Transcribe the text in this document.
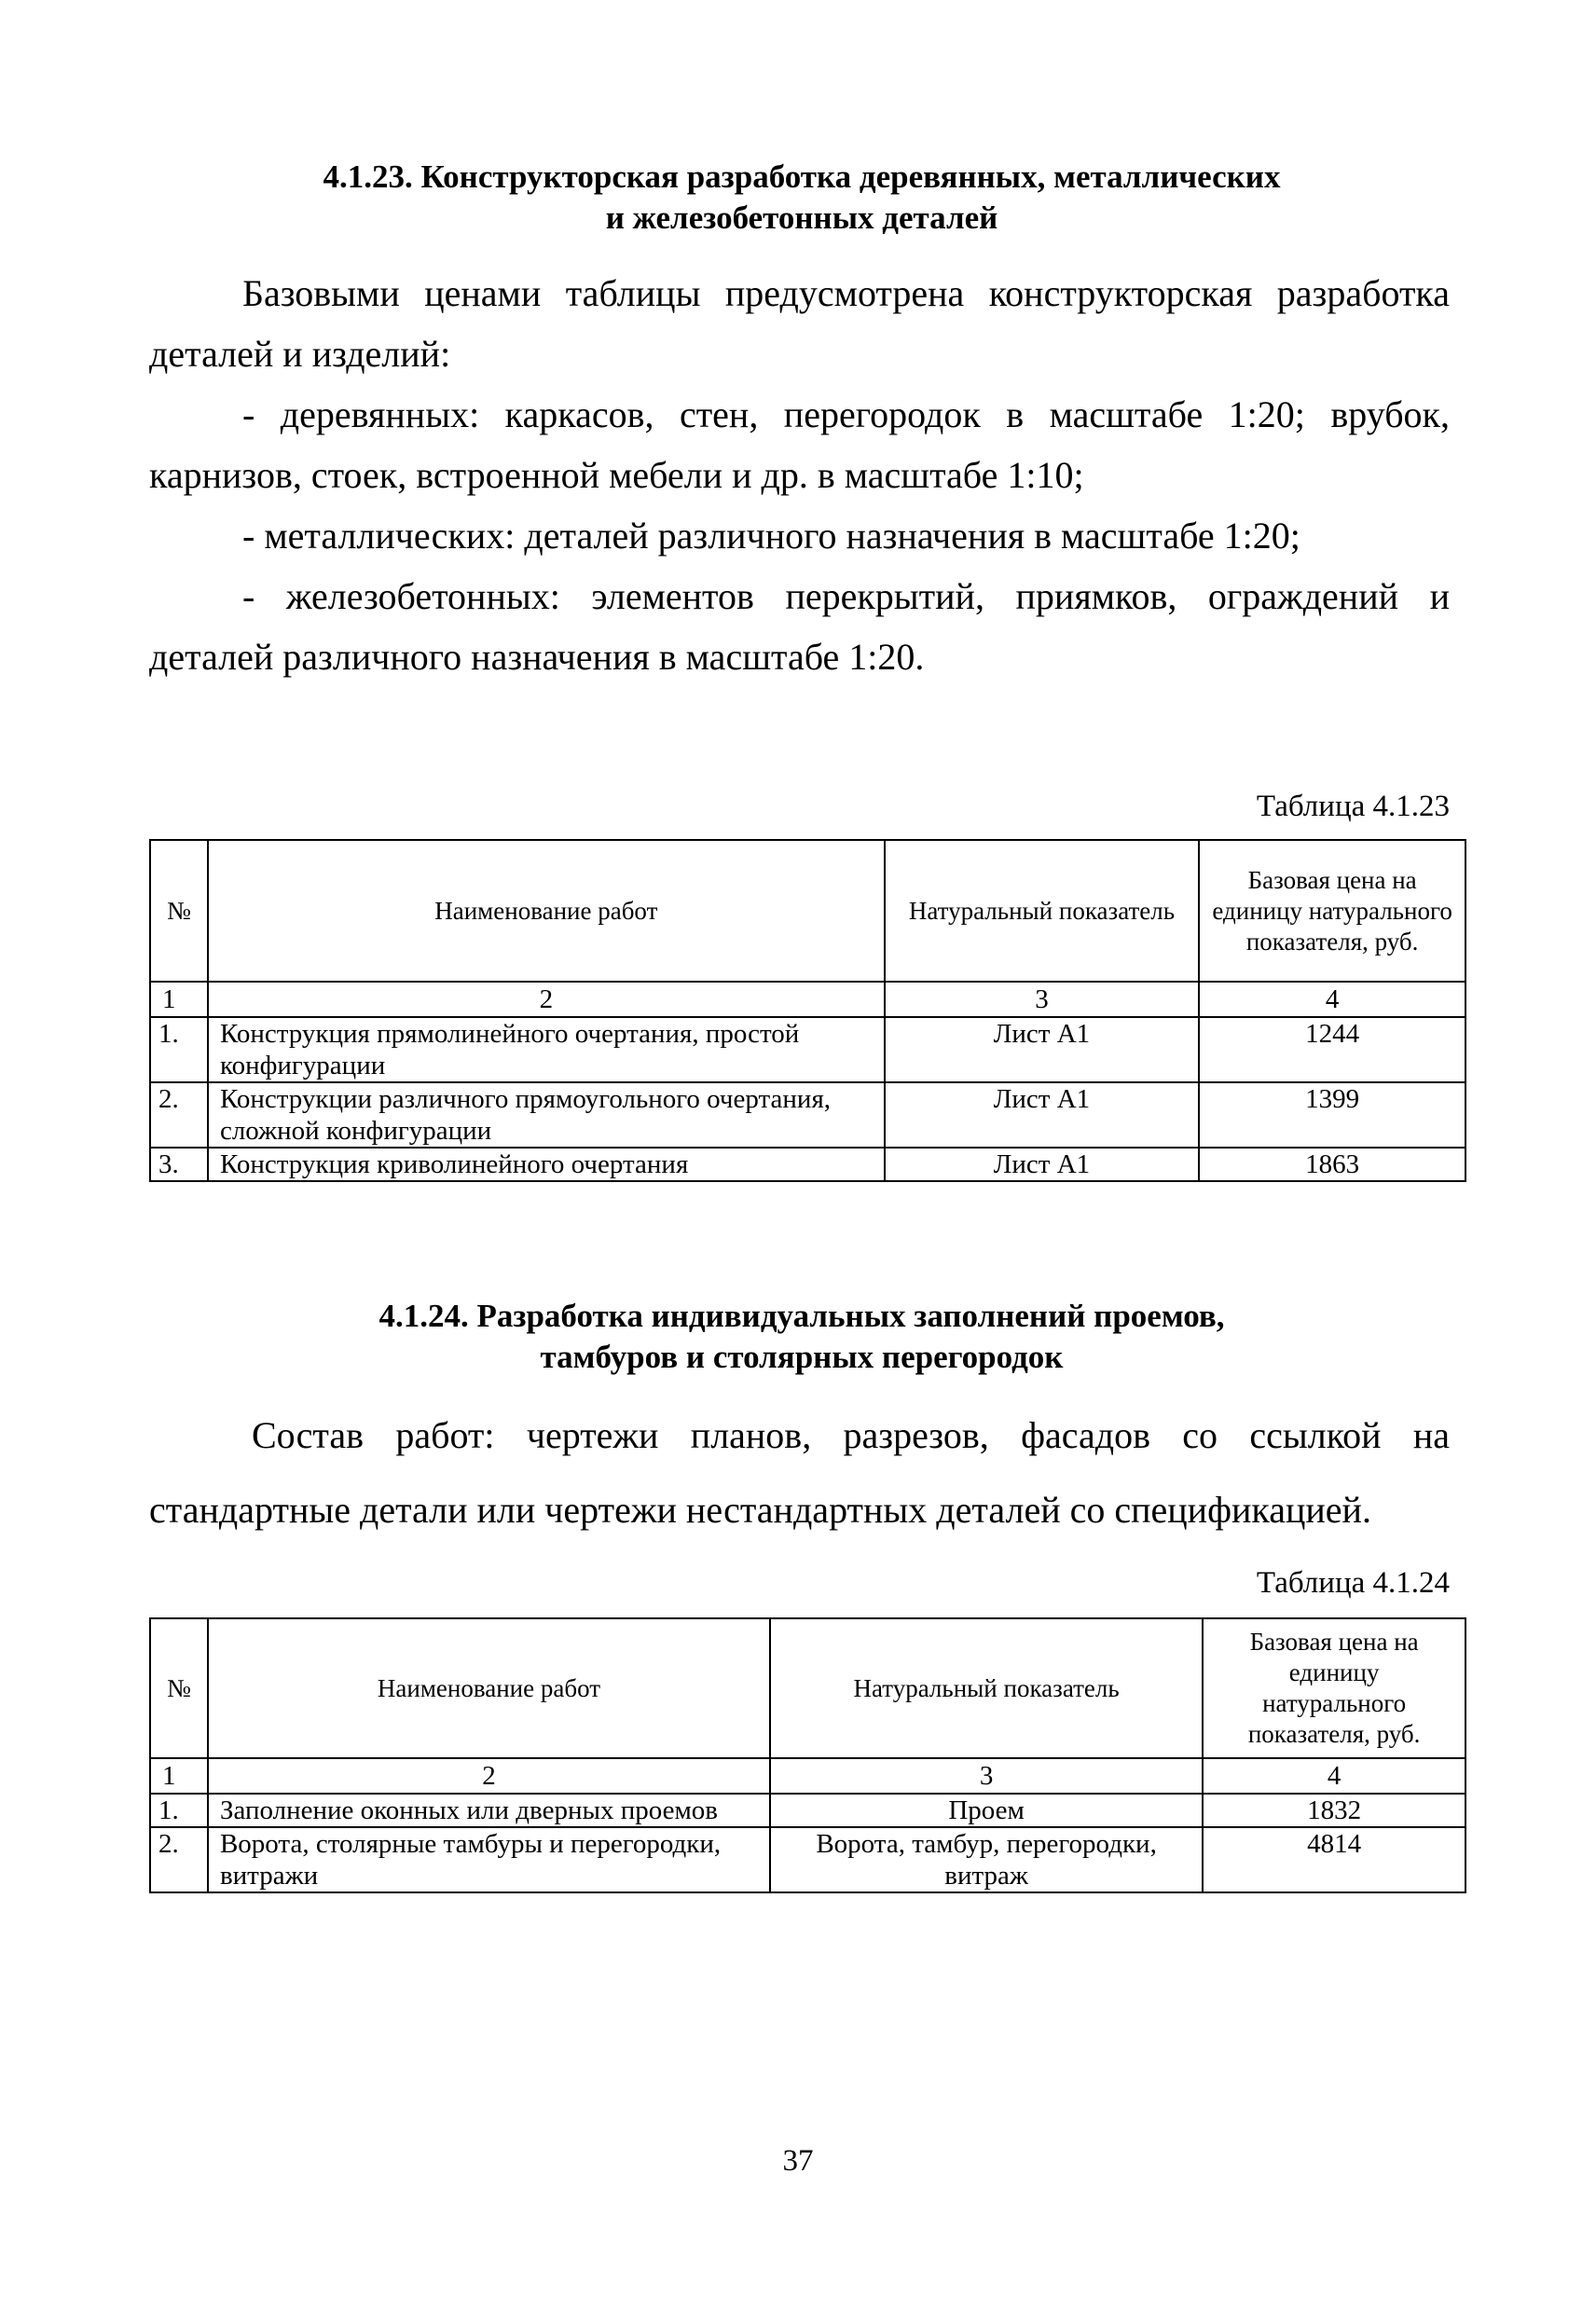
4.1.23. Конструкторская разработка деревянных, металлических
и железобетонных деталей

Базовыми ценами таблицы предусмотрена конструкторская разработка деталей и изделий:

- деревянных: каркасов, стен, перегородок в масштабе 1:20; врубок, карнизов, стоек, встроенной мебели и др. в масштабе 1:10;

- металлических: деталей различного назначения в масштабе 1:20;

- железобетонных: элементов перекрытий, приямков, ограждений и деталей различного назначения в масштабе 1:20.

Таблица 4.1.23
№	Наименование работ	Натуральный показатель	Базовая цена на единицу натурального показателя, руб.
1	2	3	4
1.	Конструкция прямолинейного очертания, простой конфигурации	Лист А1	1244
2.	Конструкции различного прямоугольного очертания, сложной конфигурации	Лист А1	1399
3.	Конструкция криволинейного очертания	Лист А1	1863
4.1.24. Разработка индивидуальных заполнений проемов,
тамбуров и столярных перегородок

Состав работ: чертежи планов, разрезов, фасадов со ссылкой на стандартные детали или чертежи нестандартных деталей со спецификацией.

Таблица 4.1.24
№	Наименование работ	Натуральный показатель	Базовая цена на единицу натурального показателя, руб.
1	2	3	4
1.	Заполнение оконных или дверных проемов	Проем	1832
2.	Ворота, столярные тамбуры и перегородки, витражи	Ворота, тамбур, перегородки, витраж	4814
37
